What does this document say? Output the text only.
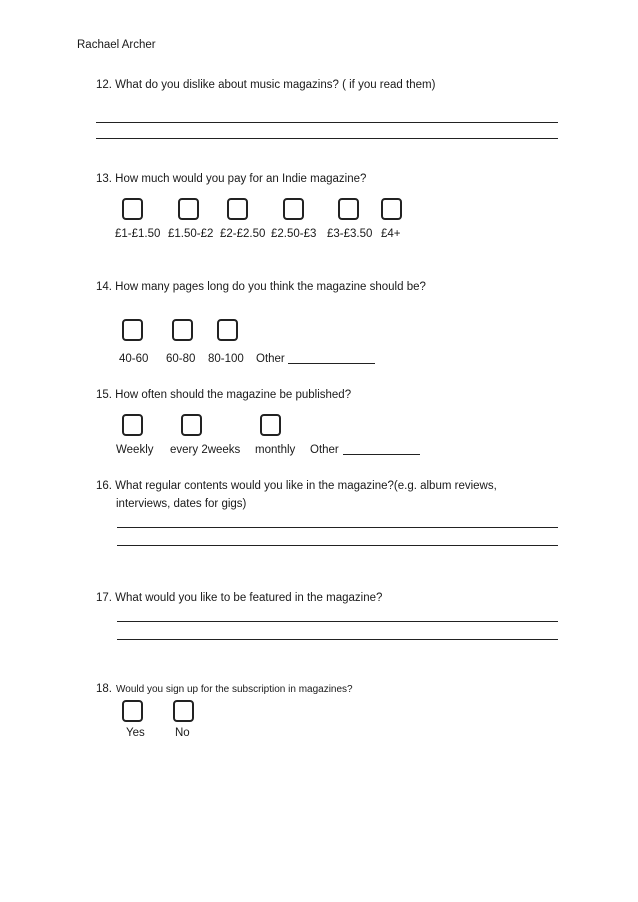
Rachael Archer
12. What do you dislike about music magazins? ( if you read them)
13. How much would you pay for an Indie magazine?
£1-£1.50 £1.50-£2 £2-£2.50 £2.50-£3 £3-£3.50 £4+
14. How many pages long do you think the magazine should be?
40-60 60-80 80-100 Other
15. How often should the magazine be published?
Weekly every 2weeks monthly Other
16. What regular contents would you like in the magazine?(e.g. album reviews,
interviews, dates for gigs)
17. What would you like to be featured in the magazine?
18. Would you sign up for the subscription in magazines?
Yes	No
